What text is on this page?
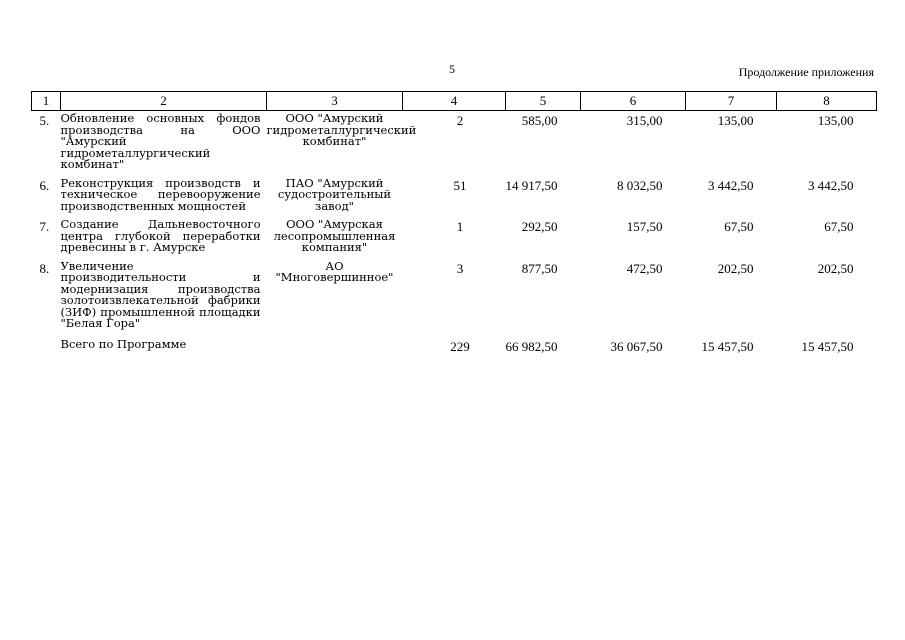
5	Продолжение приложения
1	2	3	4	5	6	7	8
5.	Обновление основных фондов производства на ООО "Амурский гидрометаллургический комбинат"	ООО "Амурский гидрометаллургический комбинат"	2	585,00	315,00	135,00	135,00
6.	Реконструкция производств и техническое перевооружение производственных мощностей	ПАО "Амурский судостроительный завод"	51	14 917,50	8 032,50	3 442,50	3 442,50
7.	Создание Дальневосточного центра глубокой переработки древесины в г. Амурске	ООО "Амурская лесопромышленная компания"	1	292,50	157,50	67,50	67,50
8.	Увеличение производительности и модернизация производства золотоизвлекательной фабрики (ЗИФ) промышленной площадки "Белая Гора"	АО "Многовершинное"	3	877,50	472,50	202,50	202,50
	Всего по Программе		229	66 982,50	36 067,50	15 457,50	15 457,50
